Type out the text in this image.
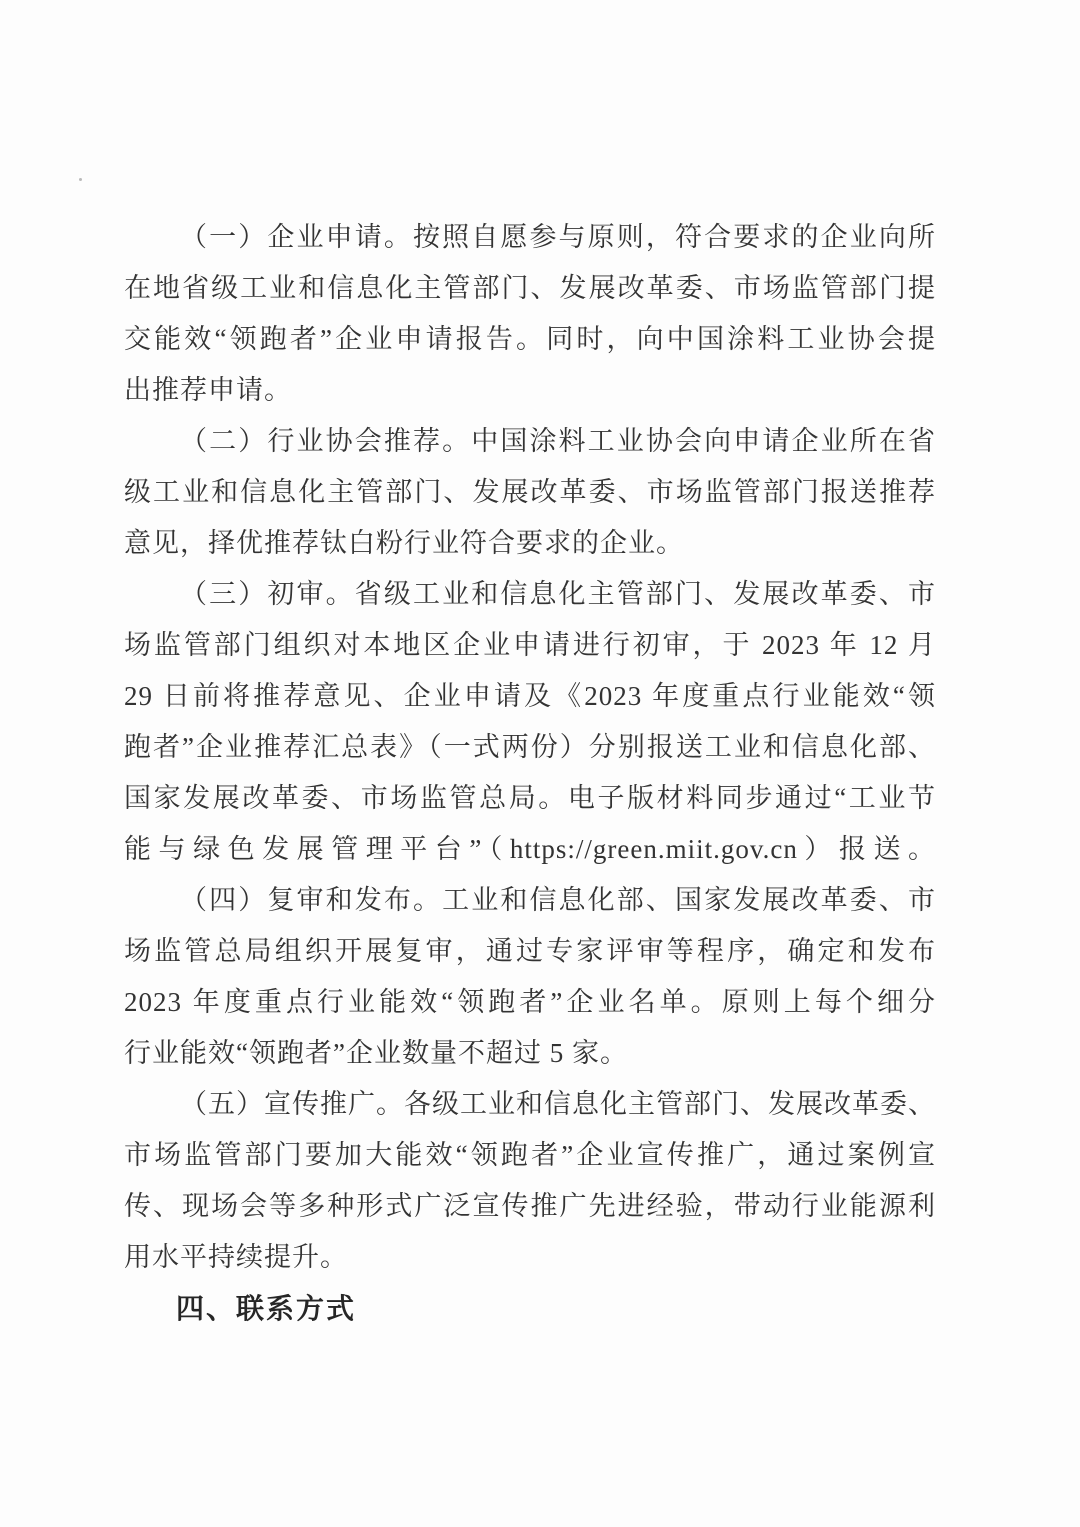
（一）企业申请。按照自愿参与原则，符合要求的企业向所
在地省级工业和信息化主管部门、发展改革委、市场监管部门提
交能效“领跑者”企业申请报告。同时，向中国涂料工业协会提
出推荐申请。
（二）行业协会推荐。中国涂料工业协会向申请企业所在省
级工业和信息化主管部门、发展改革委、市场监管部门报送推荐
意见，择优推荐钛白粉行业符合要求的企业。
（三）初审。省级工业和信息化主管部门、发展改革委、市
场监管部门组织对本地区企业申请进行初审，于 2023 年 12 月
29 日前将推荐意见、企业申请及《2023 年度重点行业能效“领
跑者”企业推荐汇总表》（一式两份）分别报送工业和信息化部、
国家发展改革委、市场监管总局。电子版材料同步通过“工业节
能与绿色发展管理平台”（https://green.miit.gov.cn）报送。
（四）复审和发布。工业和信息化部、国家发展改革委、市
场监管总局组织开展复审，通过专家评审等程序，确定和发布
2023 年度重点行业能效“领跑者”企业名单。原则上每个细分
行业能效“领跑者”企业数量不超过 5 家。
（五）宣传推广。各级工业和信息化主管部门、发展改革委、
市场监管部门要加大能效“领跑者”企业宣传推广，通过案例宣
传、现场会等多种形式广泛宣传推广先进经验，带动行业能源利
用水平持续提升。
四、联系方式
